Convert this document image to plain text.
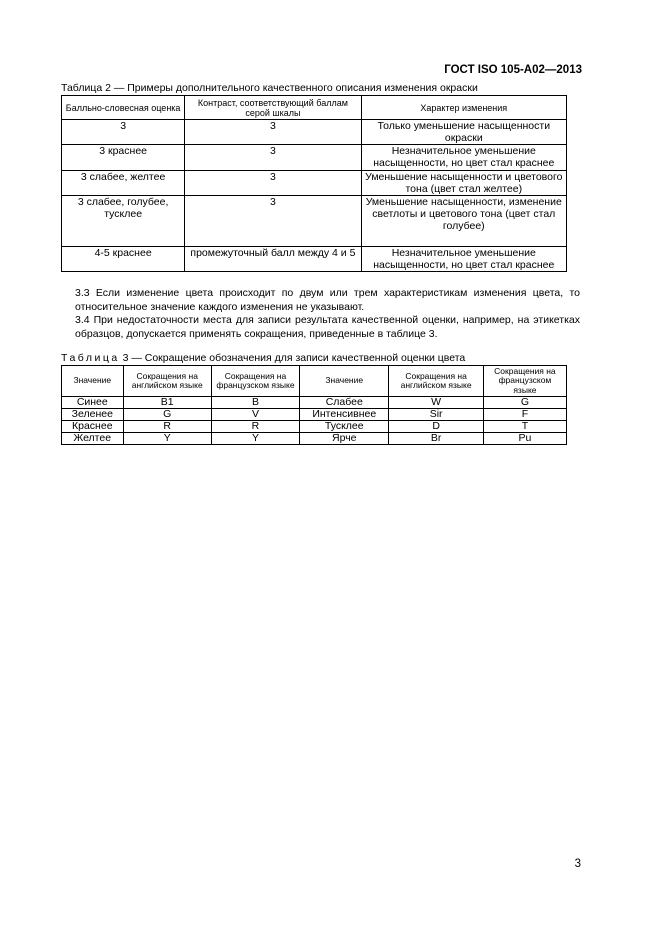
ГОСТ ISO 105-A02—2013
Таблица 2 — Примеры дополнительного качественного описания изменения окраски
Балльно-словесная оценка	Контраст, соответствующий баллам серой шкалы	Характер изменения
3	3	Только уменьшение насыщенности окраски
3 краснее	3	Незначительное уменьшение насыщенности, но цвет стал краснее
3 слабее, желтее	3	Уменьшение насыщенности и цветового тона (цвет стал желтее)
3 слабее, голубее, тусклее	3	Уменьшение насыщенности, изменение светлоты и цветового тона (цвет стал голубее)
4-5 краснее	промежуточный балл между 4 и 5	Незначительное уменьшение насыщенности, но цвет стал краснее

3.3 Если изменение цвета происходит по двум или трем характеристикам изменения цвета, то относительное значение каждого изменения не указывают.

3.4 При недостаточности места для записи результата качественной оценки, например, на этикетках образцов, допускается применять сокращения, приведенные в таблице 3.

Таблица 3 — Сокращение обозначения для записи качественной оценки цвета
Значение	Сокращения на английском языке	Сокращения на французском языке	Значение	Сокращения на английском языке	Сокращения на французском языке
Синее	B1	B	Слабее	W	G
Зеленее	G	V	Интенсивнее	Sir	F
Краснее	R	R	Тусклее	D	T
Желтее	Y	Y	Ярче	Br	Pu
3
